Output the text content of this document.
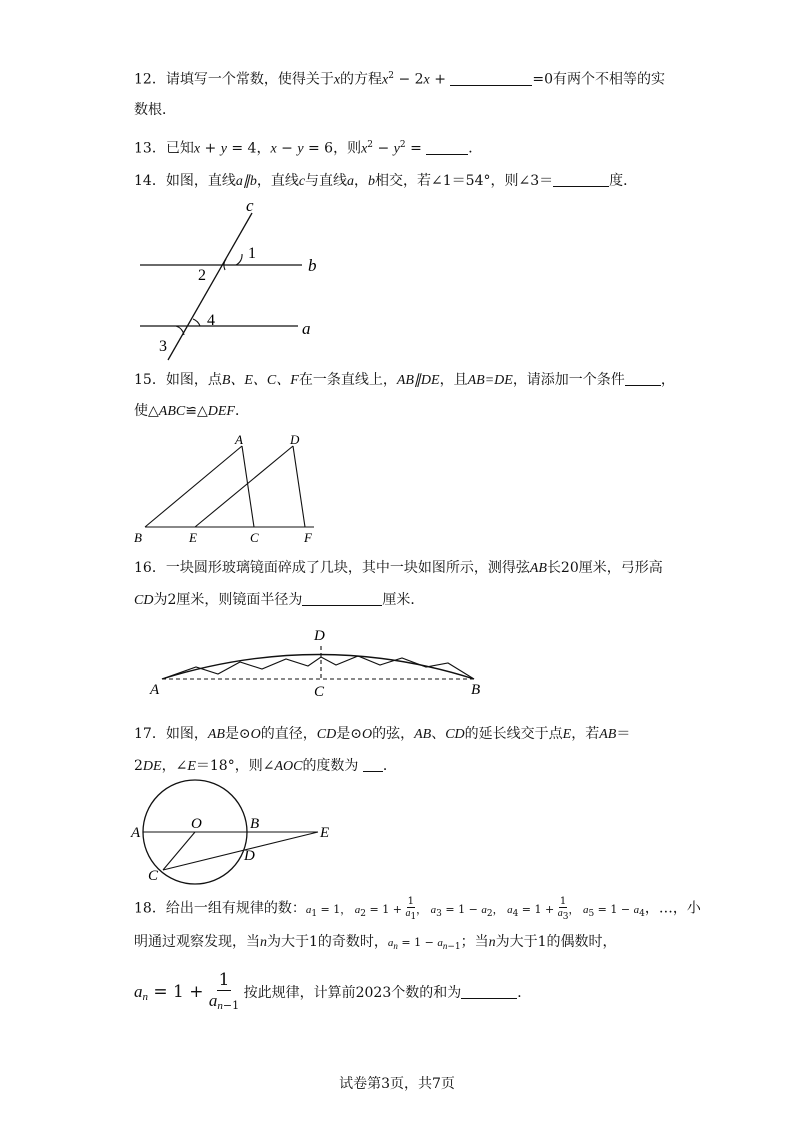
12．请填写一个常数，使得关于x的方程$x^2 - 2x$ +	=0有两个不相等的实
数根．
13．已知x + y = 4，x − y = 6，则$x^2 - y^2$ =	．
14．如图，直线a∥b，直线c与直线a，b相交，若∠1＝54°，则∠3＝	度．
c
1
b
2
4	a
3
15．如图，点B、E、C、F在一条直线上，AB∥DE，且AB=DE，请添加一个条件	，
使△ABC≌△DEF．
A	D
B	E	C	F
16．一块圆形玻璃镜面碎成了几块，其中一块如图所示，测得弦AB长20厘米，弓形高
CD为2厘米，则镜面半径为	厘米．
D
A	C	B
17．如图，AB是⊙O的直径，CD是⊙O的弦，AB、CD的延长线交于点E，若AB＝
2DE，∠E＝18°，则∠AOC的度数为 ．
A
O	B
E
D
C
18．给出一组有规律的数：$a_1 = 1$， $a_2 = 1 + \frac{1}{a1}$ ， $a_3 = 1 - a_2$， $a_4 = 1 + \frac{1}{a3}$ ， $a_5 = 1 - a_4$，…，小
明通过观察发现，当n为大于1的奇数时，$a_n = 1 - a_{n-1}$；当n为大于1的偶数时，
$a_n = 1 + \frac{1}{a_{n-1}}$ 按此规律，计算前2023个数的和为	．
试卷第3页，共7页
